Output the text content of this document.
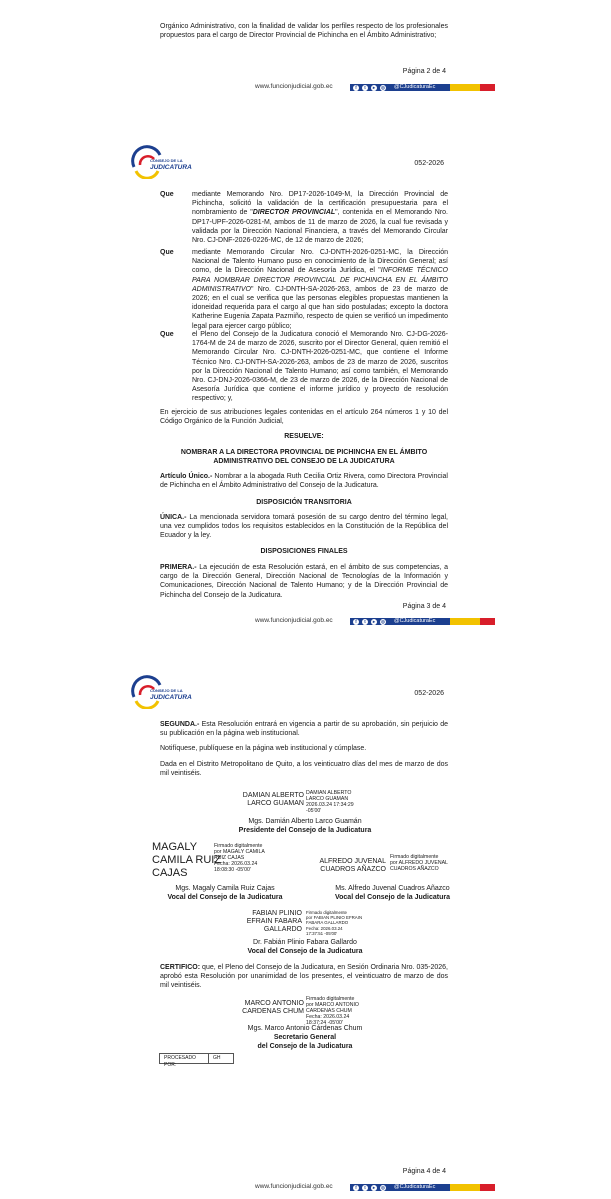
Orgánico Administrativo, con la finalidad de validar los perfiles respecto de los profesionales propuestos para el cargo de Director Provincial de Pichincha en el Ámbito Administrativo;
Página 2 de 4
www.funcionjudicial.gob.ec	f	t	▸	◎ @CJudicaturaEc
CONSEJO DE LA
JUDICATURA
052-2026
Que	mediante Memorando Nro. DP17-2026-1049-M, la Dirección Provincial de Pichincha, solicitó la validación de la certificación presupuestaria para el nombramiento de "DIRECTOR PROVINCIAL", contenida en el Memorando Nro. DP17-UPF-2026-0281-M, ambos de 11 de marzo de 2026, la cual fue revisada y validada por la Dirección Nacional Financiera, a través del Memorando Circular Nro. CJ-DNF-2026-0226-MC, de 12 de marzo de 2026;
Que	mediante Memorando Circular Nro. CJ-DNTH-2026-0251-MC, la Dirección Nacional de Talento Humano puso en conocimiento de la Dirección General; así como, de la Dirección Nacional de Asesoría Jurídica, el "INFORME TÉCNICO PARA NOMBRAR DIRECTOR PROVINCIAL DE PICHINCHA EN EL ÁMBITO ADMINISTRATIVO" Nro. CJ-DNTH-SA-2026-263, ambos de 23 de marzo de 2026; en el cual se verifica que las personas elegibles propuestas mantienen la idoneidad requerida para el cargo al que han sido postuladas; excepto la doctora Katherine Eugenia Zapata Pazmiño, respecto de quien se verificó un impedimento legal para ejercer cargo público;
Que	el Pleno del Consejo de la Judicatura conoció el Memorando Nro. CJ-DG-2026-1764-M de 24 de marzo de 2026, suscrito por el Director General, quien remitió el Memorando Circular Nro. CJ-DNTH-2026-0251-MC, que contiene el Informe Técnico Nro. CJ-DNTH-SA-2026-263, ambos de 23 de marzo de 2026, suscritos por la Dirección Nacional de Talento Humano; así como también, el Memorando Nro. CJ-DNJ-2026-0366-M, de 23 de marzo de 2026, de la Dirección Nacional de Asesoría Jurídica que contiene el informe jurídico y proyecto de resolución respectivo; y,
En ejercicio de sus atribuciones legales contenidas en el artículo 264 números 1 y 10 del Código Orgánico de la Función Judicial,
RESUELVE:
NOMBRAR A LA DIRECTORA PROVINCIAL DE PICHINCHA EN EL ÁMBITO ADMINISTRATIVO DEL CONSEJO DE LA JUDICATURA
Artículo Único.- Nombrar a la abogada Ruth Cecilia Ortiz Rivera, como Directora Provincial de Pichincha en el Ámbito Administrativo del Consejo de la Judicatura.
DISPOSICIÓN TRANSITORIA
ÚNICA.- La mencionada servidora tomará posesión de su cargo dentro del término legal, una vez cumplidos todos los requisitos establecidos en la Constitución de la República del Ecuador y la ley.
DISPOSICIONES FINALES
PRIMERA.- La ejecución de esta Resolución estará, en el ámbito de sus competencias, a cargo de la Dirección General, Dirección Nacional de Tecnologías de la Información y Comunicaciones, Dirección Nacional de Talento Humano; y de la Dirección Provincial de Pichincha del Consejo de la Judicatura.
Página 3 de 4
www.funcionjudicial.gob.ec	f	t	▸	◎ @CJudicaturaEc
CONSEJO DE LA
JUDICATURA
052-2026
SEGUNDA.- Esta Resolución entrará en vigencia a partir de su aprobación, sin perjuicio de su publicación en la página web institucional.
Notifíquese, publíquese en la página web institucional y cúmplase.
Dada en el Distrito Metropolitano de Quito, a los veinticuatro días del mes de marzo de dos mil veintiséis.
DAMIAN ALBERTO
LARCO GUAMAN
DAMIAN ALBERTO
LARCO GUAMAN
2026.03.24 17:34:29
-05'00'
Mgs. Damián Alberto Larco Guamán
Presidente del Consejo de la Judicatura
MAGALY
CAMILA RUIZ
CAJAS
Firmado digitalmente
por MAGALY CAMILA
RUIZ CAJAS
Fecha: 2026.03.24
18:08:30 -05'00'
Mgs. Magaly Camila Ruiz Cajas
Vocal del Consejo de la Judicatura
ALFREDO JUVENAL
CUADROS AÑAZCO
Firmado digitalmente
por ALFREDO JUVENAL
CUADROS AÑAZCO
Ms. Alfredo Juvenal Cuadros Añazco
Vocal del Consejo de la Judicatura
FABIAN PLINIO
EFRAIN FABARA
GALLARDO
Firmado digitalmente
por FABIAN PLINIO EFRAIN
FABARA GALLARDO
Fecha: 2026.03.24
17:37:51 -05'00'
Dr. Fabián Plinio Fabara Gallardo
Vocal del Consejo de la Judicatura
CERTIFICO: que, el Pleno del Consejo de la Judicatura, en Sesión Ordinaria Nro. 035-2026, aprobó esta Resolución por unanimidad de los presentes, el veinticuatro de marzo de dos mil veintiséis.
MARCO ANTONIO
CARDENAS CHUM
Firmado digitalmente
por MARCO ANTONIO
CARDENAS CHUM
Fecha: 2026.03.24
18:37:24 -05'00'
Mgs. Marco Antonio Cárdenas Chum
Secretario General
del Consejo de la Judicatura
PROCESADO POR:
GH
Página 4 de 4
www.funcionjudicial.gob.ec	f	t	▸	◎ @CJudicaturaEc
